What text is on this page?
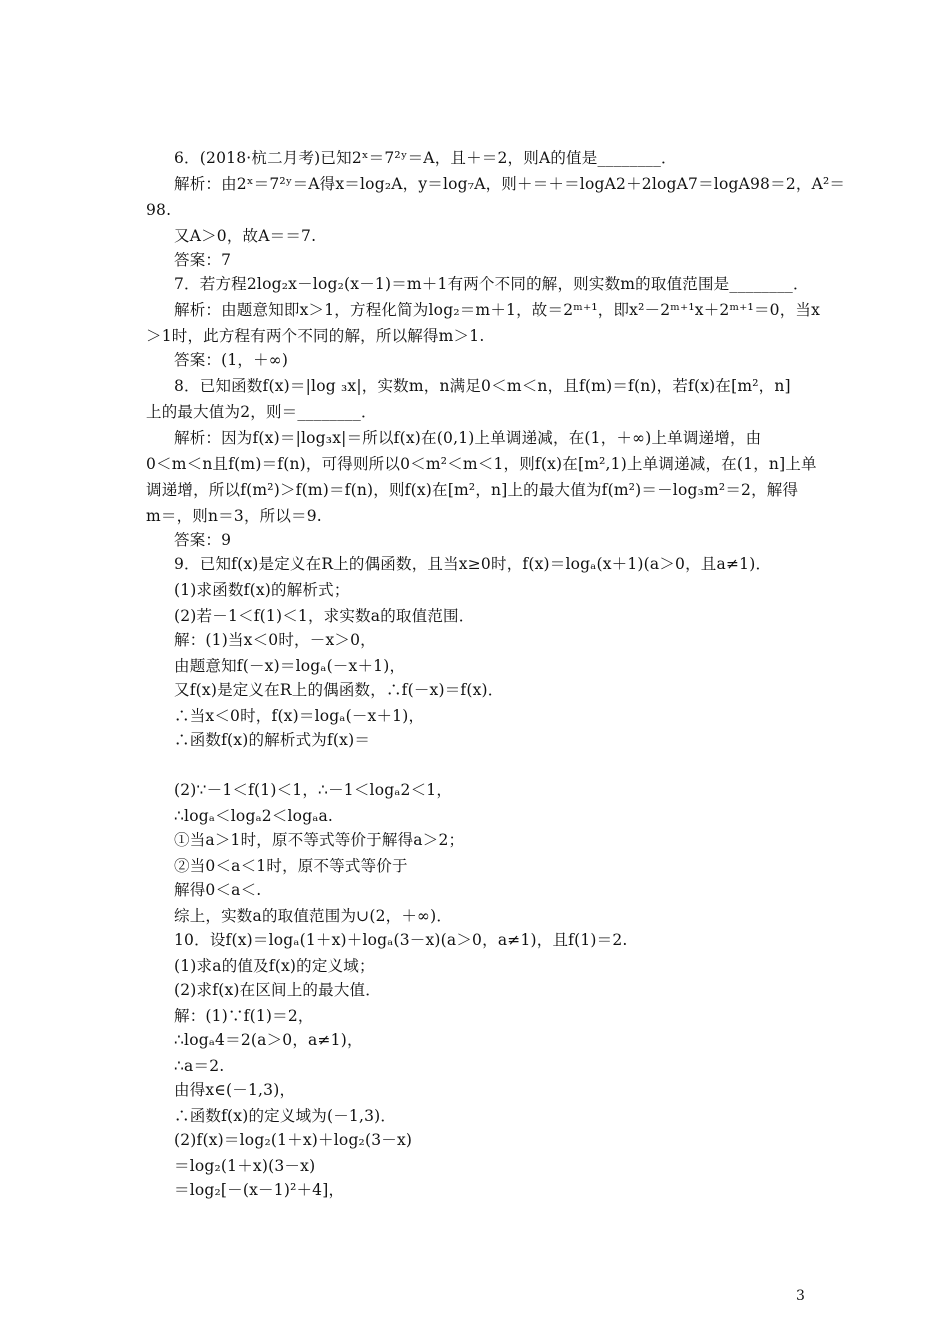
6．(2018·杭二月考)已知2ˣ＝7²ʸ＝A，且＋＝2，则A的值是________．
解析：由2ˣ＝7²ʸ＝A得x＝log₂A，y＝log₇A，则＋＝＋＝logA2＋2logA7＝logA98＝2，A²＝
98.
又A＞0，故A＝＝7.
答案：7
7．若方程2log₂x－log₂(x－1)＝m＋1有两个不同的解，则实数m的取值范围是________．
解析：由题意知即x＞1，方程化简为log₂＝m＋1，故＝2ᵐ⁺¹，即x²－2ᵐ⁺¹x＋2ᵐ⁺¹＝0，当x
＞1时，此方程有两个不同的解，所以解得m＞1.
答案：(1，＋∞)
8．已知函数f(x)＝|log ₃x|，实数m，n满足0＜m＜n，且f(m)＝f(n)，若f(x)在[m²，n]
上的最大值为2，则＝________．
解析：因为f(x)＝|log₃x|＝所以f(x)在(0,1)上单调递减，在(1，＋∞)上单调递增，由
0＜m＜n且f(m)＝f(n)，可得则所以0＜m²＜m＜1，则f(x)在[m²,1)上单调递减，在(1，n]上单
调递增，所以f(m²)＞f(m)＝f(n)，则f(x)在[m²，n]上的最大值为f(m²)＝－log₃m²＝2，解得
m＝，则n＝3，所以＝9.
答案：9
9．已知f(x)是定义在R上的偶函数，且当x≥0时，f(x)＝logₐ(x＋1)(a＞0，且a≠1)．
(1)求函数f(x)的解析式；
(2)若－1＜f(1)＜1，求实数a的取值范围．
解：(1)当x＜0时，－x＞0，
由题意知f(－x)＝logₐ(－x＋1)，
又f(x)是定义在R上的偶函数，∴f(－x)＝f(x)．
∴当x＜0时，f(x)＝logₐ(－x＋1)，
∴函数f(x)的解析式为f(x)＝
(2)∵－1＜f(1)＜1，∴－1＜logₐ2＜1，
∴logₐ＜logₐ2＜logₐa.
①当a＞1时，原不等式等价于解得a＞2；
②当0＜a＜1时，原不等式等价于
解得0＜a＜.
综上，实数a的取值范围为∪(2，＋∞)．
10．设f(x)＝logₐ(1＋x)＋logₐ(3－x)(a＞0，a≠1)，且f(1)＝2.
(1)求a的值及f(x)的定义域；
(2)求f(x)在区间上的最大值．
解：(1)∵f(1)＝2，
∴logₐ4＝2(a＞0，a≠1)，
∴a＝2.
由得x∈(－1,3)，
∴函数f(x)的定义域为(－1,3)．
(2)f(x)＝log₂(1＋x)＋log₂(3－x)
＝log₂(1＋x)(3－x)
＝log₂[－(x－1)²＋4]，
3
